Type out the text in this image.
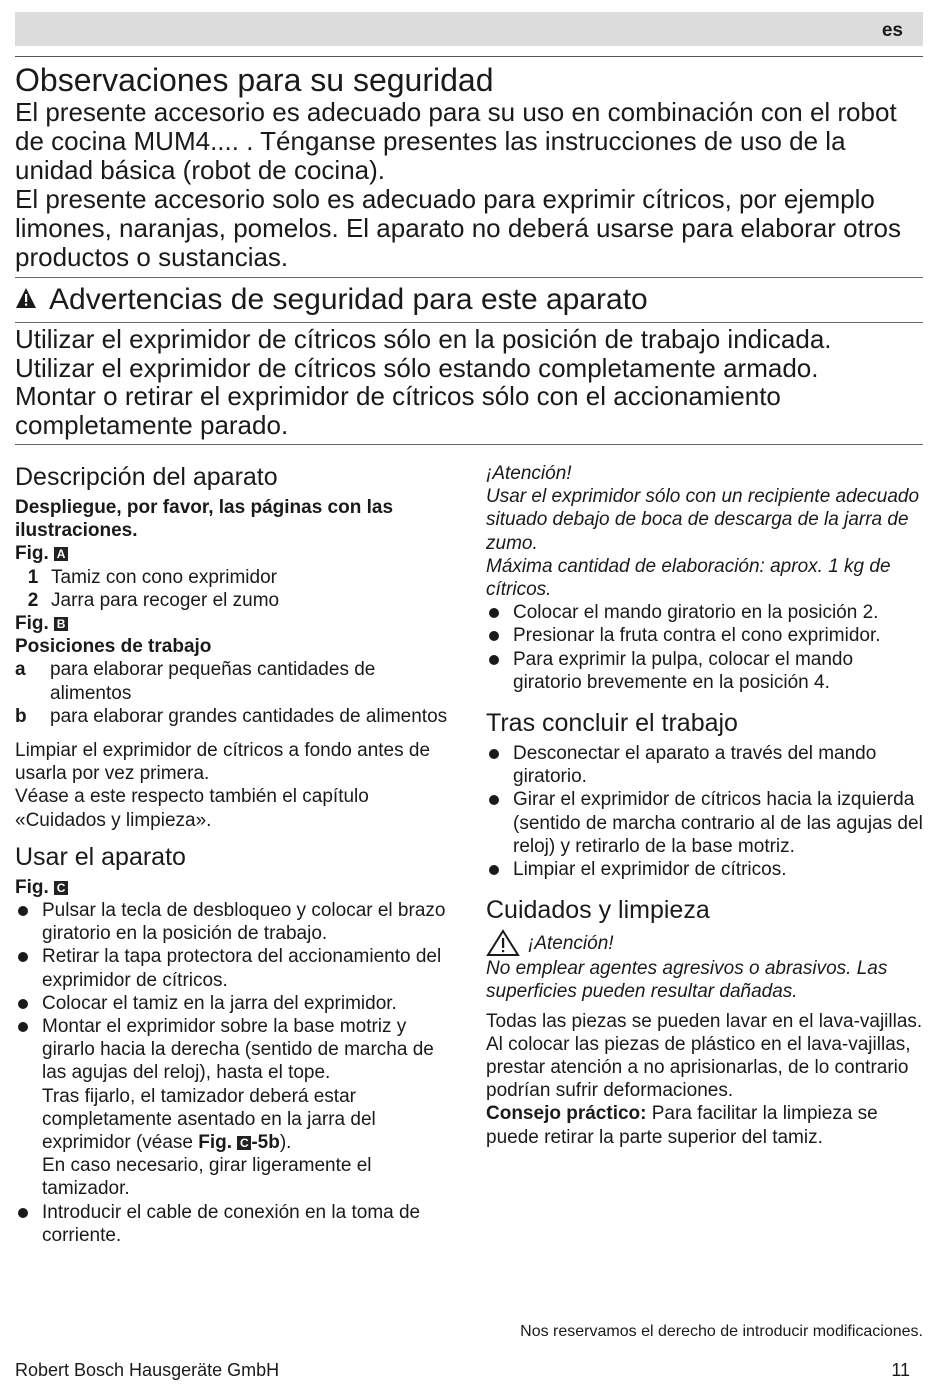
es
Observaciones para su seguridad

El presente accesorio es adecuado para su uso en combinación con el robot de cocina MUM4.... . Ténganse presentes las instrucciones de uso de la unidad básica (robot de cocina).

El presente accesorio solo es adecuado para exprimir cítricos, por ejemplo limones, naranjas, pomelos. El aparato no deberá usarse para elaborar otros productos o sustancias.

Advertencias de seguridad para este aparato

Utilizar el exprimidor de cítricos sólo en la posición de trabajo indicada.

Utilizar el exprimidor de cítricos sólo estando completamente armado.

Montar o retirar el exprimidor de cítricos sólo con el accionamiento completamente parado.

Descripción del aparato

Despliegue, por favor, las páginas con las ilustraciones.

Fig. A

1 Tamiz con cono exprimidor
2 Jarra para recoger el zumo

Fig. B

Posiciones de trabajo

a	para elaborar pequeñas cantidades de alimentos
b	para elaborar grandes cantidades de alimentos

Limpiar el exprimidor de cítricos a fondo antes de usarla por vez primera.

Véase a este respecto también el capítulo «Cuidados y limpieza».

Usar el aparato

Fig. C

Pulsar la tecla de desbloqueo y colocar el brazo giratorio en la posición de trabajo.
Retirar la tapa protectora del accionamiento del exprimidor de cítricos.
Colocar el tamiz en la jarra del exprimidor.
Montar el exprimidor sobre la base motriz y girarlo hacia la derecha (sentido de marcha de las agujas del reloj), hasta el tope.
Tras fijarlo, el tamizador deberá estar completamente asentado en la jarra del exprimidor (véase Fig. C -5b).
En caso necesario, girar ligeramente el tamizador.
Introducir el cable de conexión en la toma de corriente.

¡Atención!

Usar el exprimidor sólo con un recipiente adecuado situado debajo de boca de descarga de la jarra de zumo.

Máxima cantidad de elaboración: aprox. 1 kg de cítricos.

Colocar el mando giratorio en la posición 2.
Presionar la fruta contra el cono exprimidor.
Para exprimir la pulpa, colocar el mando giratorio brevemente en la posición 4.
Tras concluir el trabajo
Desconectar el aparato a través del mando giratorio.
Girar el exprimidor de cítricos hacia la izquierda (sentido de marcha contrario al de las agujas del reloj) y retirarlo de la base motriz.
Limpiar el exprimidor de cítricos.
Cuidados y limpieza

¡Atención!

No emplear agentes agresivos o abrasivos. Las superficies pueden resultar dañadas.

Todas las piezas se pueden lavar en el lava-vajillas.

Al colocar las piezas de plástico en el lava-vajillas, prestar atención a no aprisionarlas, de lo contrario podrían sufrir deformaciones.

Consejo práctico: Para facilitar la limpieza se puede retirar la parte superior del tamiz.

Nos reservamos el derecho de introducir modificaciones.
Robert Bosch Hausgeräte GmbH	11
